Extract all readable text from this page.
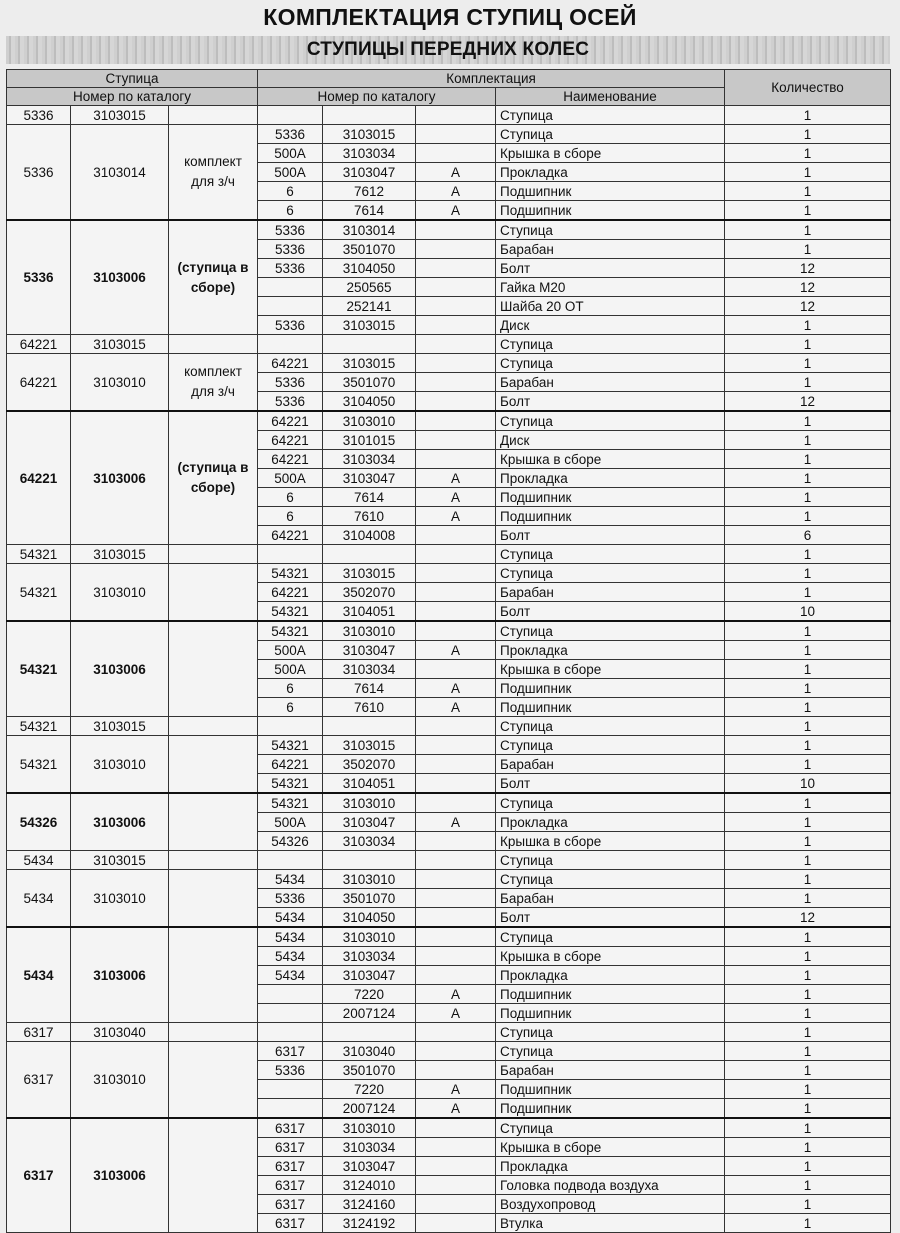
КОМПЛЕКТАЦИЯ СТУПИЦ ОСЕЙ
СТУПИЦЫ ПЕРЕДНИХ КОЛЕС
Ступица			Комплектация				Количество
Номер по каталогу			Номер по каталогу			Наименование	
5336	3103015					Ступица	1
5336	3103014	комплект для з/ч	5336	3103015		Ступица	1
			500А	3103034		Крышка в сборе	1
			500А	3103047	А	Прокладка	1
			6	7612	А	Подшипник	1
			6	7614	А	Подшипник	1
5336	3103006	(ступица в сборе)	5336	3103014		Ступица	1
			5336	3501070		Барабан	1
			5336	3104050		Болт	12
				250565		Гайка М20	12
				252141		Шайба 20 ОТ	12
			5336	3103015		Диск	1
64221	3103015					Ступица	1
64221	3103010	комплект для з/ч	64221	3103015		Ступица	1
			5336	3501070		Барабан	1
			5336	3104050		Болт	12
64221	3103006	(ступица в сборе)	64221	3103010		Ступица	1
			64221	3101015		Диск	1
			64221	3103034		Крышка в сборе	1
			500А	3103047	А	Прокладка	1
			6	7614	А	Подшипник	1
			6	7610	А	Подшипник	1
			64221	3104008		Болт	6
54321	3103015					Ступица	1
54321	3103010		54321	3103015		Ступица	1
			64221	3502070		Барабан	1
			54321	3104051		Болт	10
54321	3103006		54321	3103010		Ступица	1
			500А	3103047	А	Прокладка	1
			500А	3103034		Крышка в сборе	1
			6	7614	А	Подшипник	1
			6	7610	А	Подшипник	1
54321	3103015					Ступица	1
54321	3103010		54321	3103015		Ступица	1
			64221	3502070		Барабан	1
			54321	3104051		Болт	10
54326	3103006		54321	3103010		Ступица	1
			500А	3103047	А	Прокладка	1
			54326	3103034		Крышка в сборе	1
5434	3103015					Ступица	1
5434	3103010		5434	3103010		Ступица	1
			5336	3501070		Барабан	1
			5434	3104050		Болт	12
5434	3103006		5434	3103010		Ступица	1
			5434	3103034		Крышка в сборе	1
			5434	3103047		Прокладка	1
				7220	А	Подшипник	1
				2007124	А	Подшипник	1
6317	3103040					Ступица	1
6317	3103010		6317	3103040		Ступица	1
			5336	3501070		Барабан	1
				7220	А	Подшипник	1
				2007124	А	Подшипник	1
6317	3103006		6317	3103010		Ступица	1
			6317	3103034		Крышка в сборе	1
			6317	3103047		Прокладка	1
			6317	3124010		Головка подвода воздуха	1
			6317	3124160		Воздухопровод	1
			6317	3124192		Втулка	1
